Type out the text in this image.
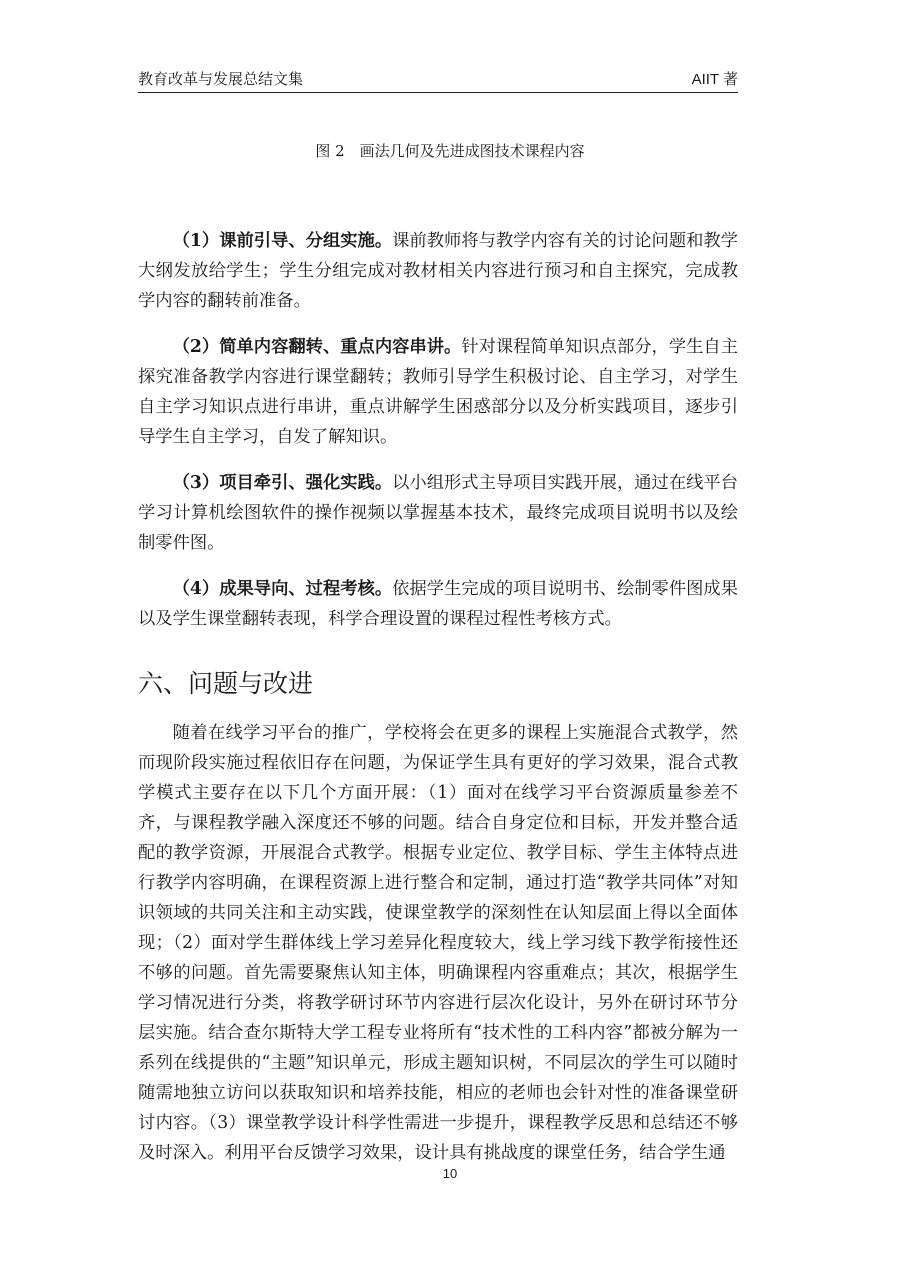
教育改革与发展总结文集	AIIT 著
图 2　画法几何及先进成图技术课程内容

（1）课前引导、分组实施。课前教师将与教学内容有关的讨论问题和教学大纲发放给学生；学生分组完成对教材相关内容进行预习和自主探究，完成教学内容的翻转前准备。

（2）简单内容翻转、重点内容串讲。针对课程简单知识点部分，学生自主探究准备教学内容进行课堂翻转；教师引导学生积极讨论、自主学习，对学生自主学习知识点进行串讲，重点讲解学生困惑部分以及分析实践项目，逐步引导学生自主学习，自发了解知识。

（3）项目牵引、强化实践。以小组形式主导项目实践开展，通过在线平台学习计算机绘图软件的操作视频以掌握基本技术，最终完成项目说明书以及绘制零件图。

（4）成果导向、过程考核。依据学生完成的项目说明书、绘制零件图成果以及学生课堂翻转表现，科学合理设置的课程过程性考核方式。

六、问题与改进

随着在线学习平台的推广，学校将会在更多的课程上实施混合式教学，然而现阶段实施过程依旧存在问题，为保证学生具有更好的学习效果，混合式教学模式主要存在以下几个方面开展：（1）面对在线学习平台资源质量参差不齐，与课程教学融入深度还不够的问题。结合自身定位和目标，开发并整合适配的教学资源，开展混合式教学。根据专业定位、教学目标、学生主体特点进行教学内容明确，在课程资源上进行整合和定制，通过打造“教学共同体”对知识领域的共同关注和主动实践，使课堂教学的深刻性在认知层面上得以全面体现；（2）面对学生群体线上学习差异化程度较大，线上学习线下教学衔接性还不够的问题。首先需要聚焦认知主体，明确课程内容重难点；其次，根据学生学习情况进行分类，将教学研讨环节内容进行层次化设计，另外在研讨环节分层实施。结合查尔斯特大学工程专业将所有“技术性的工科内容”都被分解为一系列在线提供的“主题”知识单元，形成主题知识树，不同层次的学生可以随时随需地独立访问以获取知识和培养技能，相应的老师也会针对性的准备课堂研讨内容。（3）课堂教学设计科学性需进一步提升，课程教学反思和总结还不够及时深入。利用平台反馈学习效果，设计具有挑战度的课堂任务，结合学生通

10
